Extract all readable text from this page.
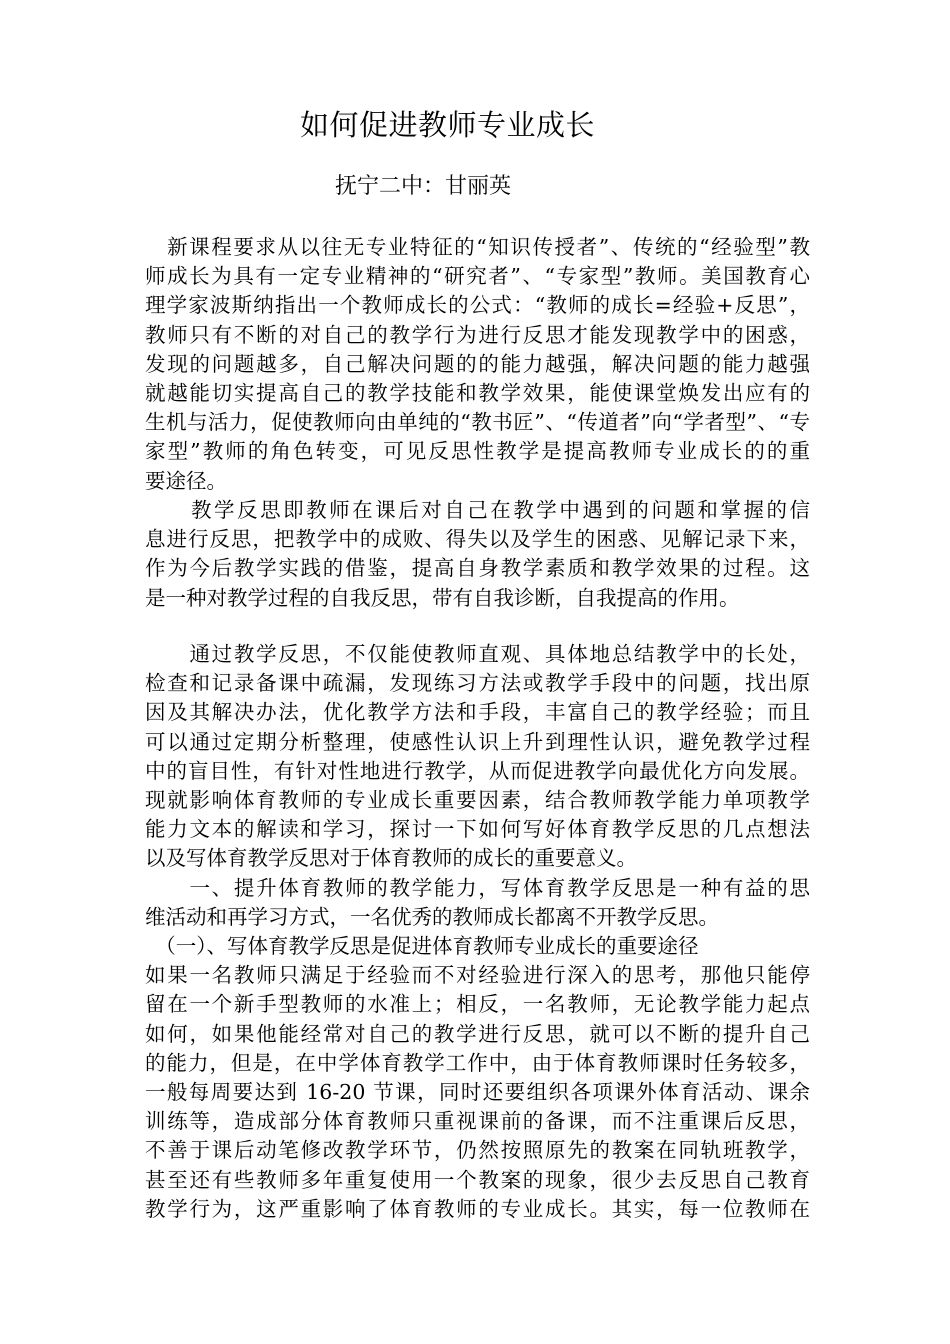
如何促进教师专业成长
抚宁二中：甘丽英
　新课程要求从以往无专业特征的“知识传授者”、传统的“经验型”教
师成长为具有一定专业精神的“研究者”、“专家型”教师。美国教育心
理学家波斯纳指出一个教师成长的公式：“教师的成长=经验+反思”，
教师只有不断的对自己的教学行为进行反思才能发现教学中的困惑，
发现的问题越多，自己解决问题的的能力越强，解决问题的能力越强
就越能切实提高自己的教学技能和教学效果，能使课堂焕发出应有的
生机与活力，促使教师向由单纯的“教书匠”、“传道者”向“学者型”、“专
家型”教师的角色转变，可见反思性教学是提高教师专业成长的的重
要途径。
　　教学反思即教师在课后对自己在教学中遇到的问题和掌握的信
息进行反思，把教学中的成败、得失以及学生的困惑、见解记录下来，
作为今后教学实践的借鉴，提高自身教学素质和教学效果的过程。这
是一种对教学过程的自我反思，带有自我诊断，自我提高的作用。
　　通过教学反思，不仅能使教师直观、具体地总结教学中的长处，
检查和记录备课中疏漏，发现练习方法或教学手段中的问题，找出原
因及其解决办法，优化教学方法和手段，丰富自己的教学经验；而且
可以通过定期分析整理，使感性认识上升到理性认识，避免教学过程
中的盲目性，有针对性地进行教学，从而促进教学向最优化方向发展。
现就影响体育教师的专业成长重要因素，结合教师教学能力单项教学
能力文本的解读和学习，探讨一下如何写好体育教学反思的几点想法
以及写体育教学反思对于体育教师的成长的重要意义。
　　一、提升体育教师的教学能力，写体育教学反思是一种有益的思
维活动和再学习方式，一名优秀的教师成长都离不开教学反思。
　（一）、写体育教学反思是促进体育教师专业成长的重要途径
如果一名教师只满足于经验而不对经验进行深入的思考，那他只能停
留在一个新手型教师的水准上；相反，一名教师，无论教学能力起点
如何，如果他能经常对自己的教学进行反思，就可以不断的提升自己
的能力，但是，在中学体育教学工作中，由于体育教师课时任务较多，
一般每周要达到 16-20 节课，同时还要组织各项课外体育活动、课余
训练等，造成部分体育教师只重视课前的备课，而不注重课后反思，
不善于课后动笔修改教学环节，仍然按照原先的教案在同轨班教学，
甚至还有些教师多年重复使用一个教案的现象，很少去反思自己教育
教学行为，这严重影响了体育教师的专业成长。其实，每一位教师在
